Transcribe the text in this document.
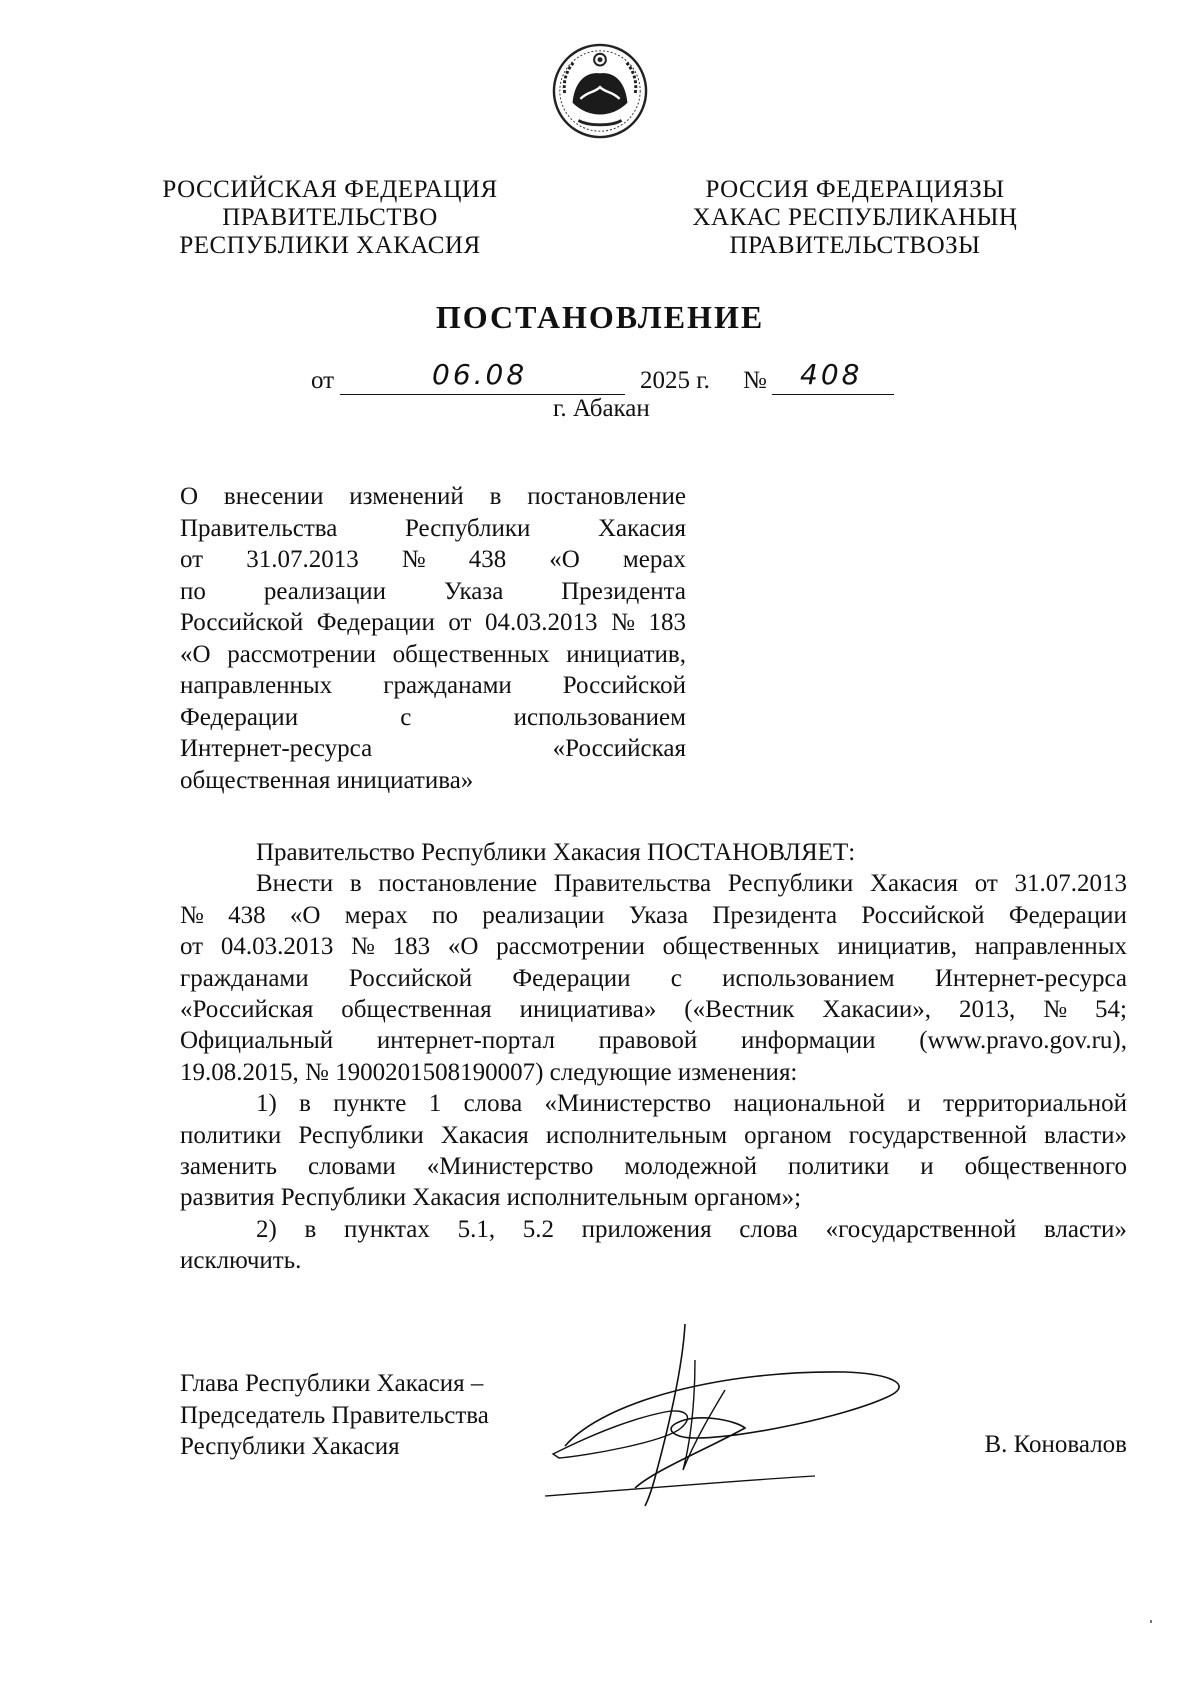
РОССИЙСКАЯ ФЕДЕРАЦИЯ
ПРАВИТЕЛЬСТВО
РЕСПУБЛИКИ ХАКАСИЯ
РОССИЯ ФЕДЕРАЦИЯЗЫ
ХАКАС РЕСПУБЛИКАНЫҢ
ПРАВИТЕЛЬСТВОЗЫ
ПОСТАНОВЛЕНИЕ
от	06.08	2025 г. № 408
г. Абакан
О внесении изменений в постановление
Правительства	Республики	Хакасия
от 31.07.2013 № 438 «О мерах
по реализации Указа Президента
Российской Федерации от 04.03.2013 № 183
«О рассмотрении общественных инициатив,
направленных гражданами Российской
Федерации	с	использованием
Интернет-ресурса	«Российская
общественная инициатива»
Правительство Республики Хакасия ПОСТАНОВЛЯЕТ:
Внести в постановление Правительства Республики Хакасия от 31.07.2013
№ 438 «О мерах по реализации Указа Президента Российской Федерации
от 04.03.2013 № 183 «О рассмотрении общественных инициатив, направленных
гражданами Российской Федерации с использованием Интернет-ресурса
«Российская общественная инициатива» («Вестник Хакасии», 2013, № 54;
Официальный интернет-портал правовой информации (www.pravo.gov.ru),
19.08.2015, № 1900201508190007) следующие изменения:
1) в пункте 1 слова «Министерство национальной и территориальной
политики Республики Хакасия исполнительным органом государственной власти»
заменить словами «Министерство молодежной политики и общественного
развития Республики Хакасия исполнительным органом»;
2) в пунктах 5.1, 5.2 приложения слова «государственной власти»
исключить.
Глава Республики Хакасия –
Председатель Правительства
Республики Хакасия	В. Коновалов
